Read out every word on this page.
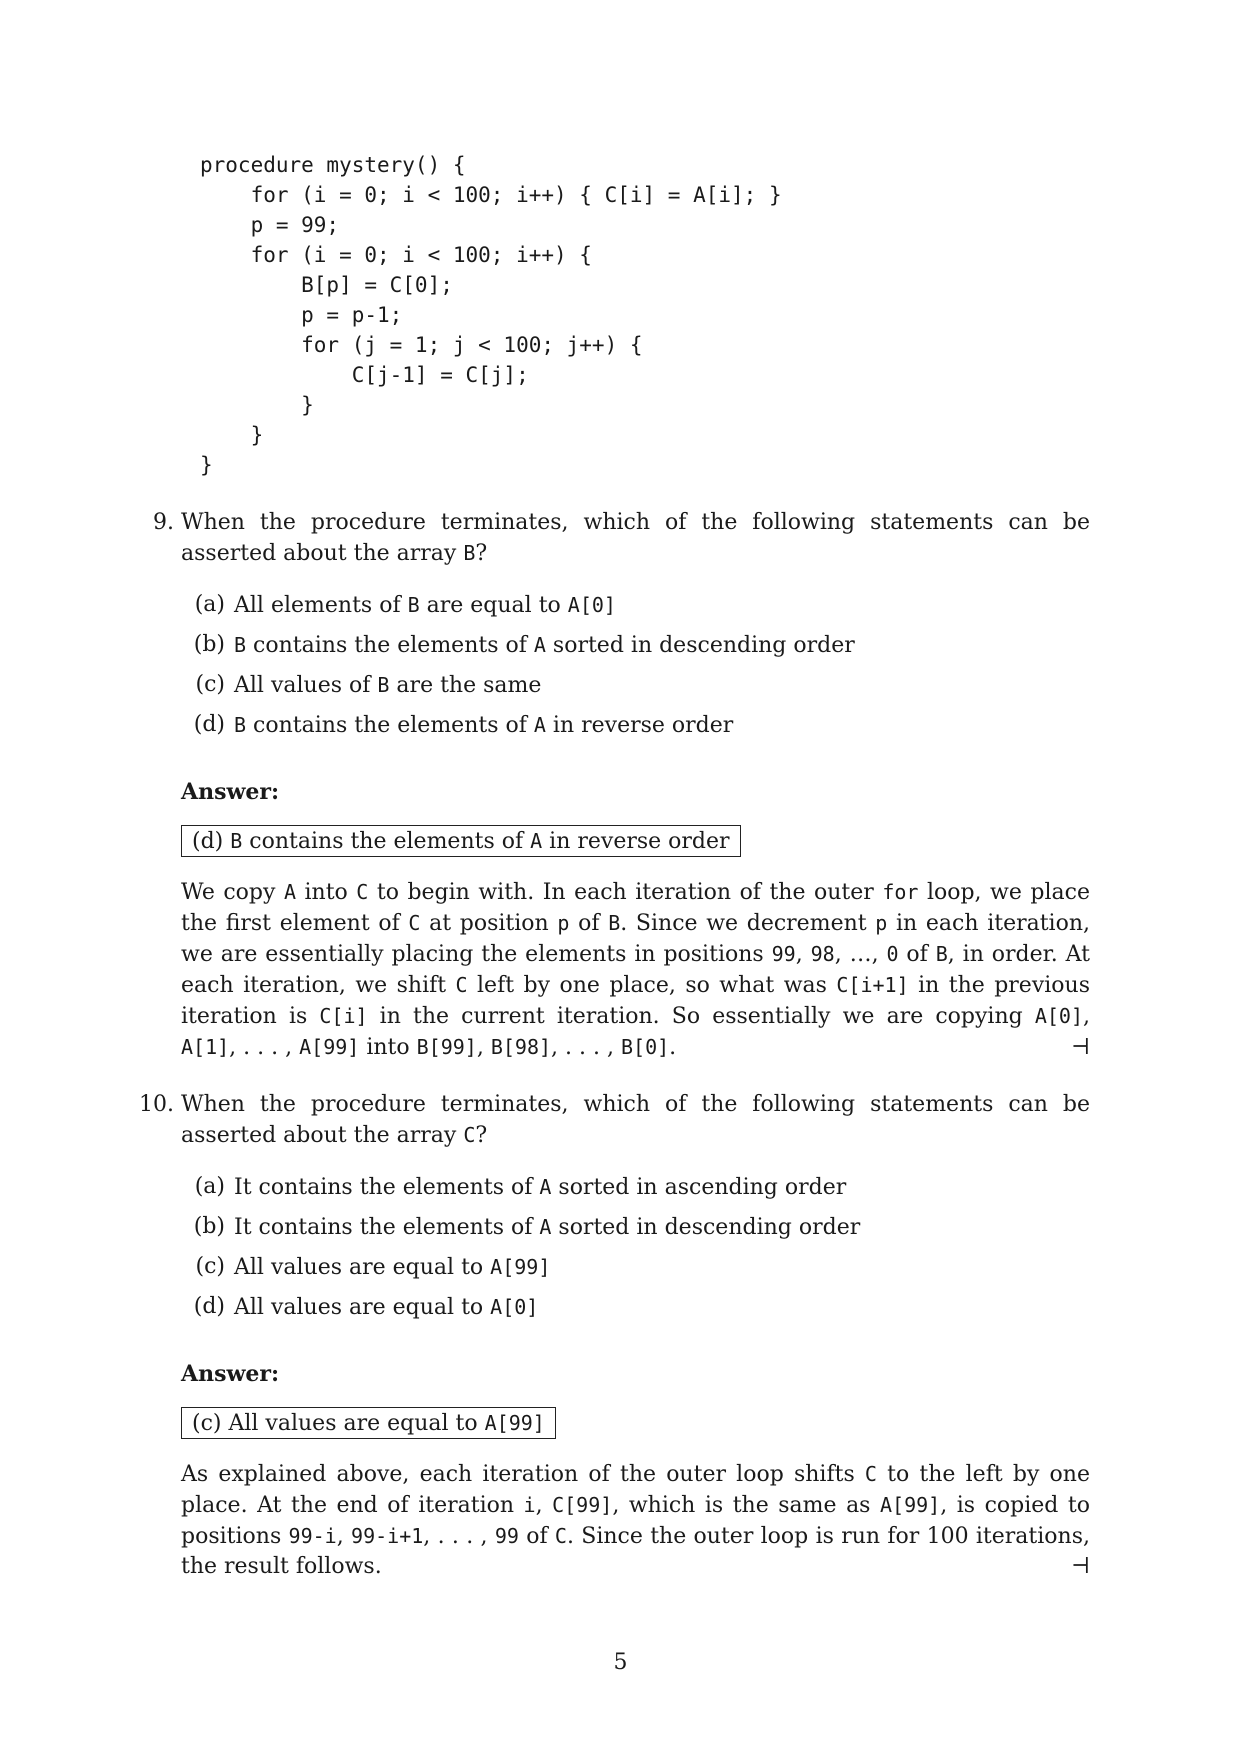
procedure mystery() {
for (i = 0; i < 100; i++) { C[i] = A[i]; }
p = 99;
for (i = 0; i < 100; i++) {
B[p] = C[0];
p = p-1;
for (j = 1; j < 100; j++) {
C[j-1] = C[j];
}
}
}
9. When the procedure terminates, which of the following statements can be asserted about the array B?

(a) All elements of B are equal to A[0]
(b) B contains the elements of A sorted in descending order
(c) All values of B are the same
(d) B contains the elements of A in reverse order
Answer:
(d) B contains the elements of A in reverse order

We copy A into C to begin with. In each iteration of the outer for loop, we place the first element of C at position p of B. Since we decrement p in each iteration, we are essentially placing the elements in positions 99, 98, …, 0 of B, in order. At each iteration, we shift C left by one place, so what was C[i+1] in the previous iteration is C[i] in the current iteration. So essentially we are copying A[0], A[1], . . . , A[99] into B[99], B[98], . . . , B[0].	⊣

10. When the procedure terminates, which of the following statements can be asserted about the array C?

(a) It contains the elements of A sorted in ascending order
(b) It contains the elements of A sorted in descending order
(c) All values are equal to A[99]
(d) All values are equal to A[0]
Answer:
(c) All values are equal to A[99]

As explained above, each iteration of the outer loop shifts C to the left by one place. At the end of iteration i, C[99], which is the same as A[99], is copied to positions 99-i, 99-i+1, . . . , 99 of C. Since the outer loop is run for 100 iterations, the result follows.	⊣

5
